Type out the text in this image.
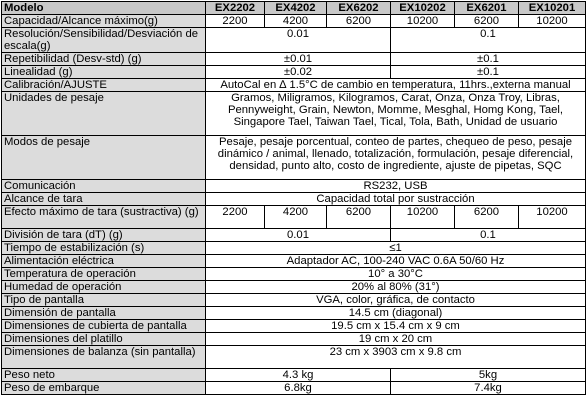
Modelo	EX2202	EX4202	EX6202	EX10202	EX6201	EX10201
Capacidad/Alcance máximo(g)	2200	4200	6200	10200	6200	10200
Resolución/Sensibilidad/Desviación de escala(g)	0.01			0.1		
Repetibilidad (Desv-std) (g)	±0.01			±0.1		
Linealidad (g)	±0.02			±0.1		
Calibración/AJUSTE	AutoCal en ∆ 1.5°C de cambio en temperatura, 11hrs.,externa manual					
Unidades de pesaje	Gramos, Miligramos, Kilogramos, Carat, Onza, Onza Troy, Libras, Pennyweight, Grain, Newton, Momme, Mesghal, Homg Kong, Tael, Singapore Tael, Taiwan Tael, Tical, Tola, Bath, Unidad de usuario					
Modos de pesaje	Pesaje, pesaje porcentual, conteo de partes, chequeo de peso, pesaje dinámico / animal, llenado, totalización, formulación, pesaje diferencial, densidad, punto alto, costo de ingrediente, ajuste de pipetas, SQC					
Comunicación	RS232, USB					
Alcance de tara	Capacidad total por sustracción					
Efecto máximo de tara (sustractiva) (g)	2200	4200	6200	10200	6200	10200
División de tara (dT) (g)	0.01			0.1		
Tiempo de estabilización (s)	≤1					
Alimentación eléctrica	Adaptador AC, 100-240 VAC 0.6A 50/60 Hz					
Temperatura de operación	10° a 30°C					
Humedad de operación	20% al 80% (31°)					
Tipo de pantalla	VGA, color, gráfica, de contacto					
Dimensión de pantalla	14.5 cm (diagonal)					
Dimensiones de cubierta de pantalla	19.5 cm x 15.4 cm x 9 cm					
Dimensiones del platillo	19 cm x 20 cm					
Dimensiones de balanza (sin pantalla)	23 cm x 3903 cm x 9.8 cm					
Peso neto	4.3 kg			5kg		
Peso de embarque	6.8kg			7.4kg		
